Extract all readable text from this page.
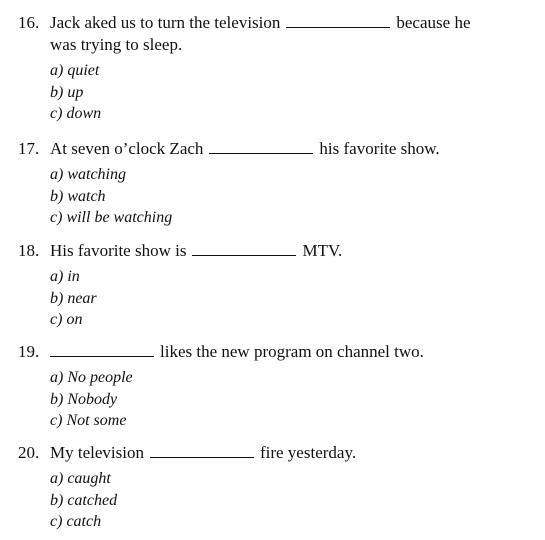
16. Jack aked us to turn the television	because he
was trying to sleep.
a) quiet
b) up
c) down
17. At seven o’clock Zach	his favorite show.
a) watching
b) watch
c) will be watching
18. His favorite show is	MTV.
a) in
b) near
c) on
19.	likes the new program on channel two.
a) No people
b) Nobody
c) Not some
20. My television	fire yesterday.
a) caught
b) catched
c) catch
